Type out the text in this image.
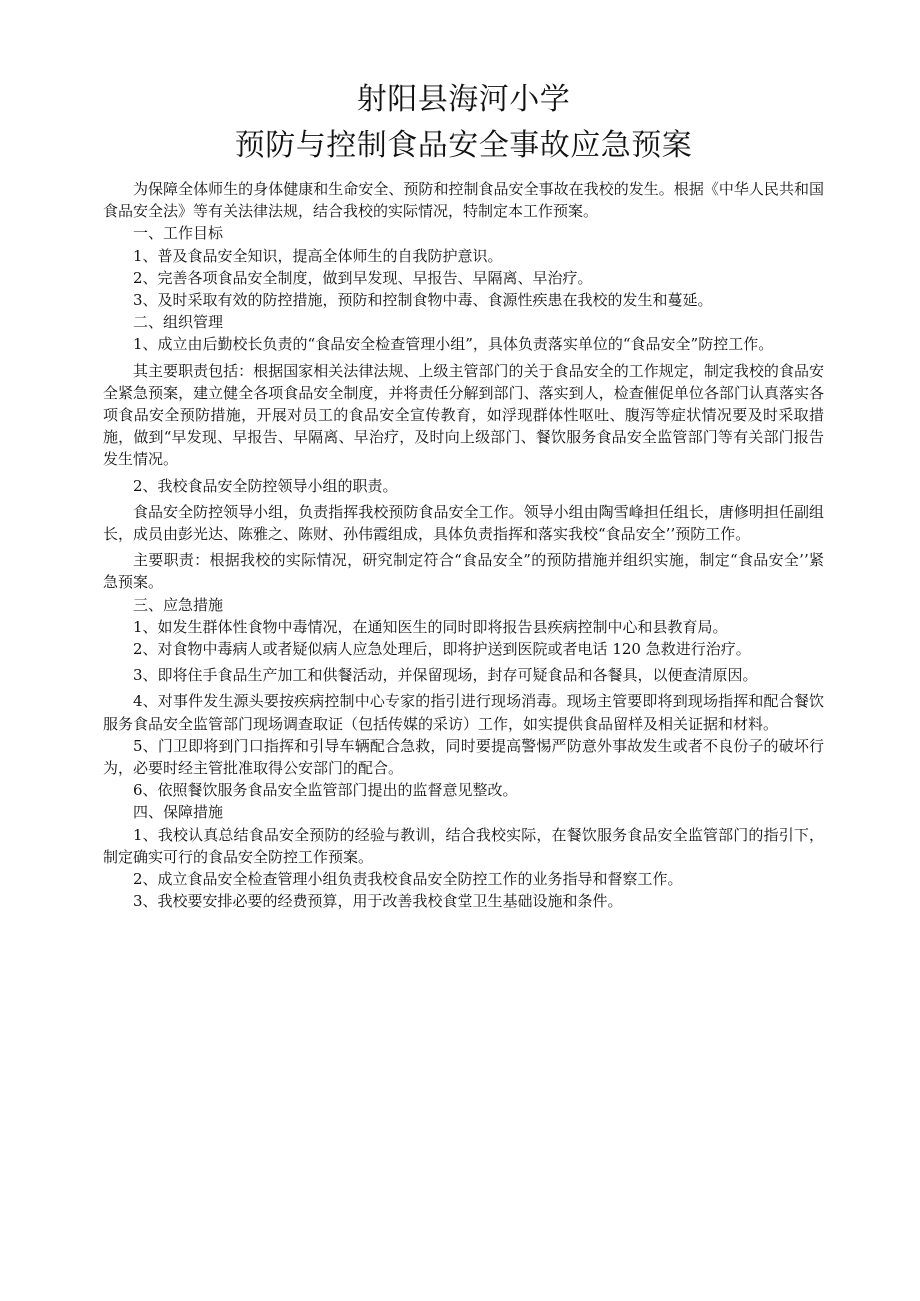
射阳县海河小学
预防与控制食品安全事故应急预案

为保障全体师生的身体健康和生命安全、预防和控制食品安全事故在我校的发生。根据《中华人民共和国食品安全法》等有关法律法规，结合我校的实际情况，特制定本工作预案。

一、工作目标

1、普及食品安全知识，提高全体师生的自我防护意识。

2、完善各项食品安全制度，做到早发现、早报告、早隔离、早治疗。

3、及时采取有效的防控措施，预防和控制食物中毒、食源性疾患在我校的发生和蔓延。

二、组织管理

1、成立由后勤校长负责的“食品安全检查管理小组”，具体负责落实单位的“食品安全”防控工作。

其主要职责包括：根据国家相关法律法规、上级主管部门的关于食品安全的工作规定，制定我校的食品安全紧急预案，建立健全各项食品安全制度，并将责任分解到部门、落实到人，检查催促单位各部门认真落实各项食品安全预防措施，开展对员工的食品安全宣传教育，如浮现群体性呕吐、腹泻等症状情况要及时采取措施，做到“早发现、早报告、早隔离、早治疗，及时向上级部门、餐饮服务食品安全监管部门等有关部门报告发生情况。

2、我校食品安全防控领导小组的职责。

食品安全防控领导小组，负责指挥我校预防食品安全工作。领导小组由陶雪峰担任组长，唐修明担任副组长，成员由彭光达、陈雅之、陈财、孙伟霞组成，具体负责指挥和落实我校“食品安全’’预防工作。

主要职责：根据我校的实际情况，研究制定符合“食品安全”的预防措施并组织实施，制定“食品安全’’紧急预案。

三、应急措施

1、如发生群体性食物中毒情况，在通知医生的同时即将报告县疾病控制中心和县教育局。

2、对食物中毒病人或者疑似病人应急处理后，即将护送到医院或者电话 120 急救进行治疗。

3、即将住手食品生产加工和供餐活动，并保留现场，封存可疑食品和各餐具，以便查清原因。

4、对事件发生源头要按疾病控制中心专家的指引进行现场消毒。现场主管要即将到现场指挥和配合餐饮服务食品安全监管部门现场调查取证（包括传媒的采访）工作，如实提供食品留样及相关证据和材料。

5、门卫即将到门口指挥和引导车辆配合急救，同时要提高警惕严防意外事故发生或者不良份子的破坏行为，必要时经主管批准取得公安部门的配合。

6、依照餐饮服务食品安全监管部门提出的监督意见整改。

四、保障措施

1、我校认真总结食品安全预防的经验与教训，结合我校实际，在餐饮服务食品安全监管部门的指引下，制定确实可行的食品安全防控工作预案。

2、成立食品安全检查管理小组负责我校食品安全防控工作的业务指导和督察工作。

3、我校要安排必要的经费预算，用于改善我校食堂卫生基础设施和条件。
